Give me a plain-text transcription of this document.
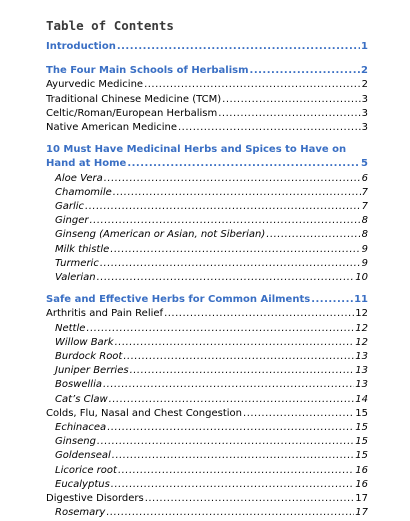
Table of Contents
Introduction .....	1
The Four Main Schools of Herbalism .....	2
Ayurvedic Medicine .....	2
Traditional Chinese Medicine (TCM) .....	3
Celtic/Roman/European Herbalism .....	3
Native American Medicine .....	3
10 Must Have Medicinal Herbs and Spices to Have on
Hand at Home .....	5
Aloe Vera .....	6
Chamomile .....	7
Garlic .....	7
Ginger .....	8
Ginseng (American or Asian, not Siberian) .....	8
Milk thistle .....	9
Turmeric .....	9
Valerian .....	10
Safe and Effective Herbs for Common Ailments .....	11
Arthritis and Pain Relief .....	12
Nettle .....	12
Willow Bark .....	12
Burdock Root .....	13
Juniper Berries .....	13
Boswellia .....	13
Cat’s Claw .....	14
Colds, Flu, Nasal and Chest Congestion .....	15
Echinacea .....	15
Ginseng .....	15
Goldenseal .....	15
Licorice root .....	16
Eucalyptus .....	16
Digestive Disorders .....	17
Rosemary .....	17
